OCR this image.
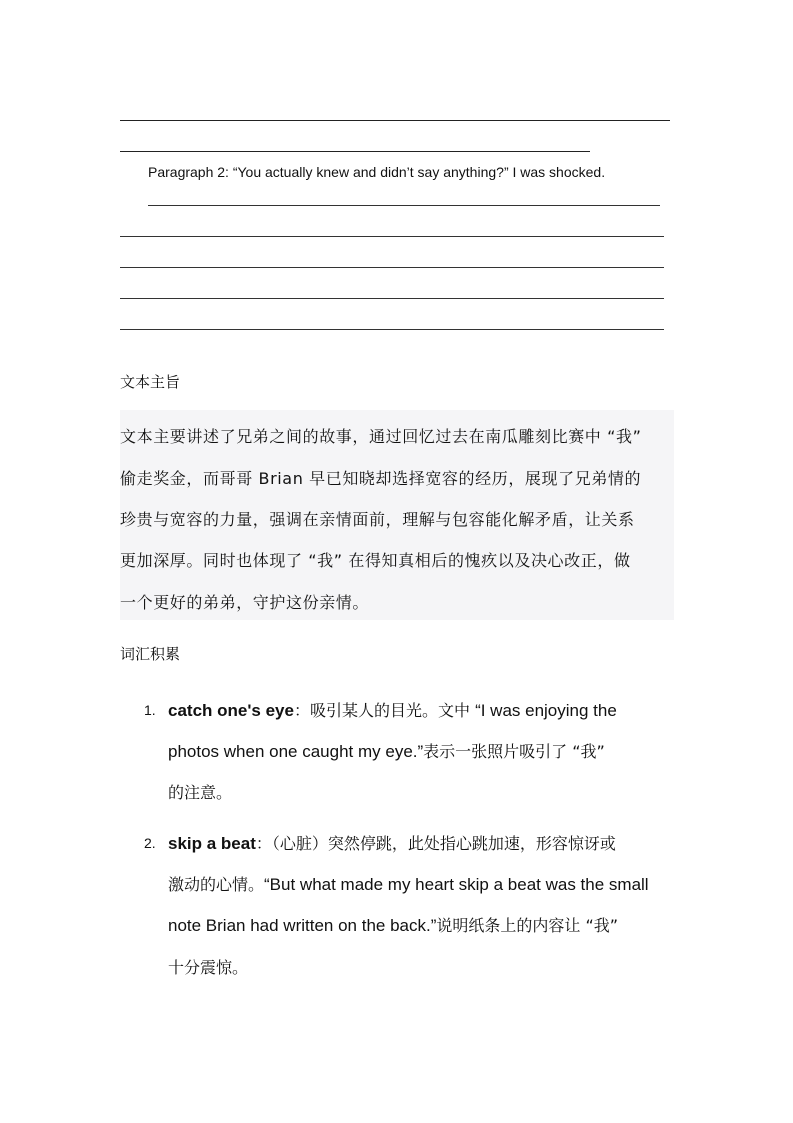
Paragraph 2: “You actually knew and didn’t say anything?” I was shocked.
文本主旨
文本主要讲述了兄弟之间的故事，通过回忆过去在南瓜雕刻比赛中 “我”
偷走奖金，而哥哥 Brian 早已知晓却选择宽容的经历，展现了兄弟情的
珍贵与宽容的力量，强调在亲情面前，理解与包容能化解矛盾，让关系
更加深厚。同时也体现了 “我” 在得知真相后的愧疚以及决心改正，做
一个更好的弟弟，守护这份亲情。
词汇积累
1. catch one's eye：吸引某人的目光。文中 “I was enjoying the
photos when one caught my eye.”表示一张照片吸引了 “我”
的注意。
2. skip a beat：（心脏）突然停跳，此处指心跳加速，形容惊讶或
激动的心情。“But what made my heart skip a beat was the small
note Brian had written on the back.”说明纸条上的内容让 “我”
十分震惊。
